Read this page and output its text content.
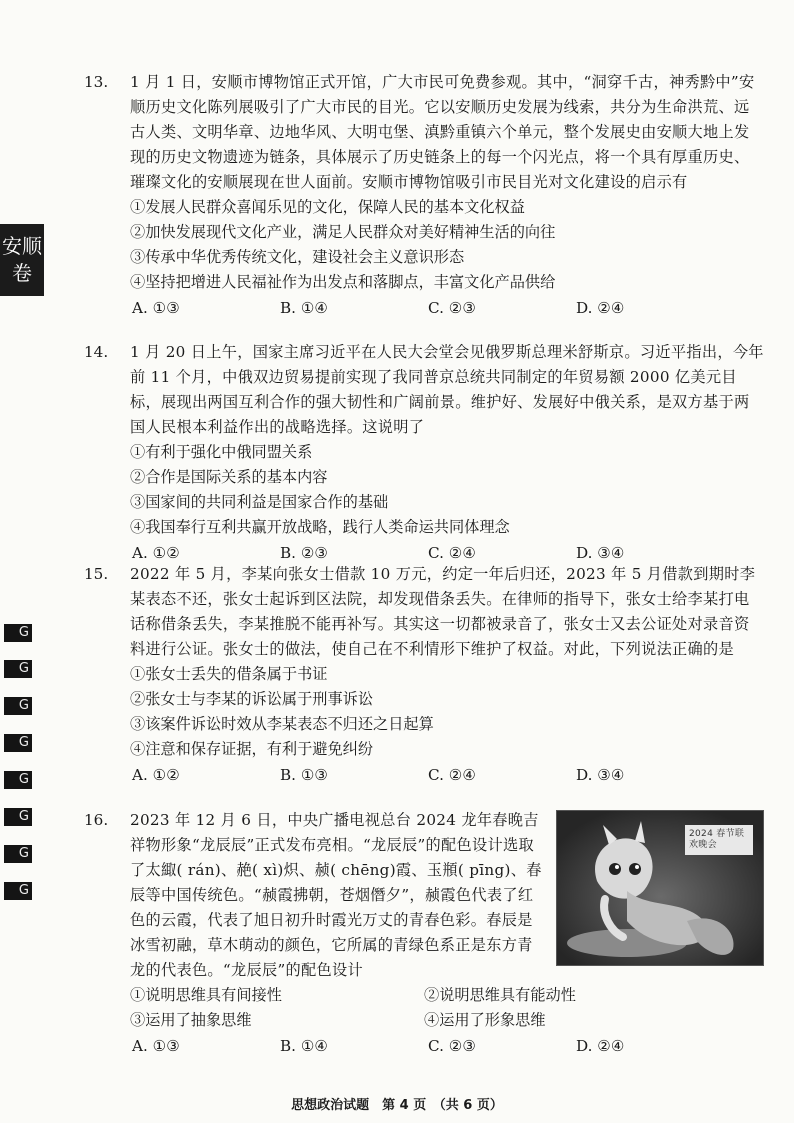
安顺卷
G
G
G
G
G
G
G
G
13.	1 月 1 日，安顺市博物馆正式开馆，广大市民可免费参观。其中，“洞穿千古，神秀黔中”安顺历史文化陈列展吸引了广大市民的目光。它以安顺历史发展为线索，共分为生命洪荒、远古人类、文明华章、边地华风、大明屯堡、滇黔重镇六个单元，整个发展史由安顺大地上发现的历史文物遗迹为链条，具体展示了历史链条上的每一个闪光点，将一个具有厚重历史、璀璨文化的安顺展现在世人面前。安顺市博物馆吸引市民目光对文化建设的启示有
①发展人民群众喜闻乐见的文化，保障人民的基本文化权益
②加快发展现代文化产业，满足人民群众对美好精神生活的向往
③传承中华优秀传统文化，建设社会主义意识形态
④坚持把增进人民福祉作为出发点和落脚点，丰富文化产品供给
A. ①③	B. ①④	C. ②③	D. ②④
14.	1 月 20 日上午，国家主席习近平在人民大会堂会见俄罗斯总理米舒斯京。习近平指出，今年前 11 个月，中俄双边贸易提前实现了我同普京总统共同制定的年贸易额 2000 亿美元目标，展现出两国互利合作的强大韧性和广阔前景。维护好、发展好中俄关系，是双方基于两国人民根本利益作出的战略选择。这说明了
①有利于强化中俄同盟关系
②合作是国际关系的基本内容
③国家间的共同利益是国家合作的基础
④我国奉行互利共赢开放战略，践行人类命运共同体理念
A. ①②	B. ②③	C. ②④	D. ③④
15.	2022 年 5 月，李某向张女士借款 10 万元，约定一年后归还，2023 年 5 月借款到期时李某表态不还，张女士起诉到区法院，却发现借条丢失。在律师的指导下，张女士给李某打电话称借条丢失，李某推脱不能再补写。其实这一切都被录音了，张女士又去公证处对录音资料进行公证。张女士的做法，使自己在不利情形下维护了权益。对此，下列说法正确的是
①张女士丢失的借条属于书证
②张女士与李某的诉讼属于刑事诉讼
③该案件诉讼时效从李某表态不归还之日起算
④注意和保存证据，有利于避免纠纷
A. ①②	B. ①③	C. ②④	D. ③④
16.
2024 春节联欢晚会
2023 年 12 月 6 日，中央广播电视总台 2024 龙年春晚吉祥物形象“龙辰辰”正式发布亮相。“龙辰辰”的配色设计选取了太緅( rán)、赩( xì)炽、赪( chēng)霞、玉頩( pīng)、春辰等中国传统色。“赪霞拂朝，苍烟僭夕”，赪霞色代表了红色的云霞，代表了旭日初升时霞光万丈的青春色彩。春辰是冰雪初融，草木萌动的颜色，它所属的青绿色系正是东方青龙的代表色。“龙辰辰”的配色设计
①说明思维具有间接性	②说明思维具有能动性
③运用了抽象思维	④运用了形象思维
A. ①③	B. ①④	C. ②③	D. ②④
思想政治试题　第 4 页　（共 6 页）
